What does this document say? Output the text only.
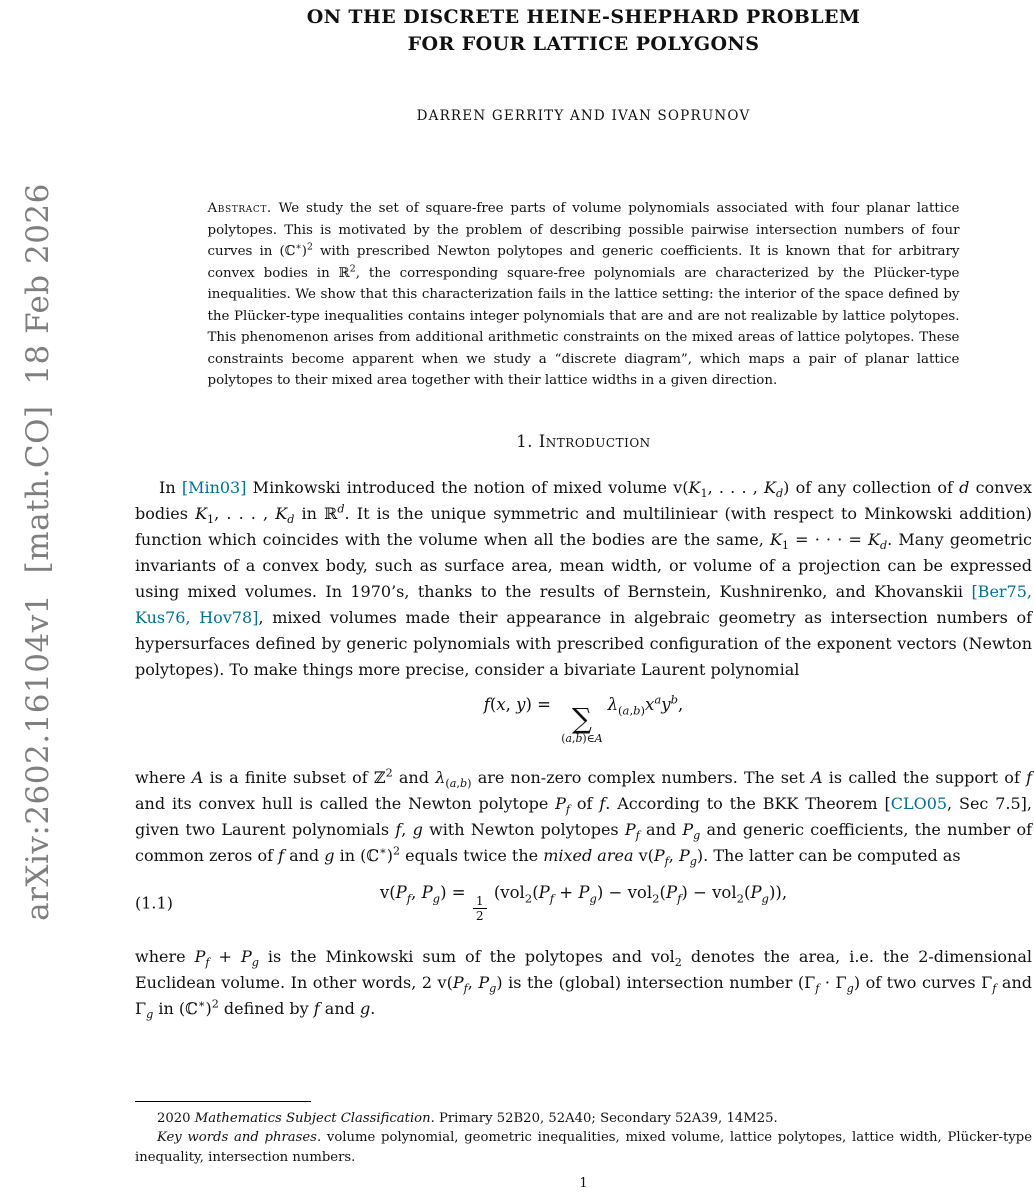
arXiv:2602.16104v1  [math.CO]  18 Feb 2026
ON THE DISCRETE HEINE-SHEPHARD PROBLEM
FOR FOUR LATTICE POLYGONS
DARREN GERRITY AND IVAN SOPRUNOV
Abstract. We study the set of square-free parts of volume polynomials associated with four planar lattice polytopes. This is motivated by the problem of describing possible pairwise intersection numbers of four curves in (ℂ∗)$^2$ with prescribed Newton polytopes and generic coefficients. It is known that for arbitrary convex bodies in ℝ$^2$, the corresponding square-free polynomials are characterized by the Plücker-type inequalities. We show that this characterization fails in the lattice setting: the interior of the space defined by the Plücker-type inequalities contains integer polynomials that are and are not realizable by lattice polytopes. This phenomenon arises from additional arithmetic constraints on the mixed areas of lattice polytopes. These constraints become apparent when we study a “discrete diagram”, which maps a pair of planar lattice polytopes to their mixed area together with their lattice widths in a given direction.
1. Introduction

In [Min03] Minkowski introduced the notion of mixed volume $v(K_1$, . . . , $K_d$) of any collection of d convex bodies $K_1$, . . . , $K_d$ in ℝ$^d$. It is the unique symmetric and multiliniear (with respect to Minkowski addition) function which coincides with the volume when all the bodies are the same, $K_1$ = · · · = $K_d$. Many geometric invariants of a convex body, such as surface area, mean width, or volume of a projection can be expressed using mixed volumes. In 1970’s, thanks to the results of Bernstein, Kushnirenko, and Khovanskii [Ber75, Kus76, Hov78], mixed volumes made their appearance in algebraic geometry as intersection numbers of hypersurfaces defined by generic polynomials with prescribed configuration of the exponent vectors (Newton polytopes). To make things more precise, consider a bivariate Laurent polynomial

f(x, y) = ∑
(a,b)∈A
$\lambda_{(a,b)}x^ay^b$,

where A is a finite subset of ℤ$^2$ and $\lambda_{(a,b)}$ are non-zero complex numbers. The set A is called the support of f and its convex hull is called the Newton polytope $P_f$ of f. According to the BKK Theorem [CLO05, Sec 7.5], given two Laurent polynomials f, g with Newton polytopes $P_f$ and $P_g$ and generic coefficients, the number of common zeros of f and g in (ℂ∗)$^2$ equals twice the mixed area $v(P_f$, $P_g$). The latter can be computed as

(1.1)
$v(P_f$, $P_g$) =
$\frac{1}{2}$
$(vol_2(P_f + P_g) - vol_2(P_f) - vol_2(P_g))$,

where $P_f + P_g$ is the Minkowski sum of the polytopes and vol$_2$ denotes the area, i.e. the 2-dimensional Euclidean volume. In other words, 2 $v(P_f$, $P_g$) is the (global) intersection number $(\Gamma_f \cdot \Gamma_g)$ of two curves $\Gamma_f$ and $\Gamma_g$ in (ℂ∗)$^2$ defined by f and g.

2020 Mathematics Subject Classification. Primary 52B20, 52A40; Secondary 52A39, 14M25.

Key words and phrases. volume polynomial, geometric inequalities, mixed volume, lattice polytopes, lattice width, Plücker-type inequality, intersection numbers.

1
